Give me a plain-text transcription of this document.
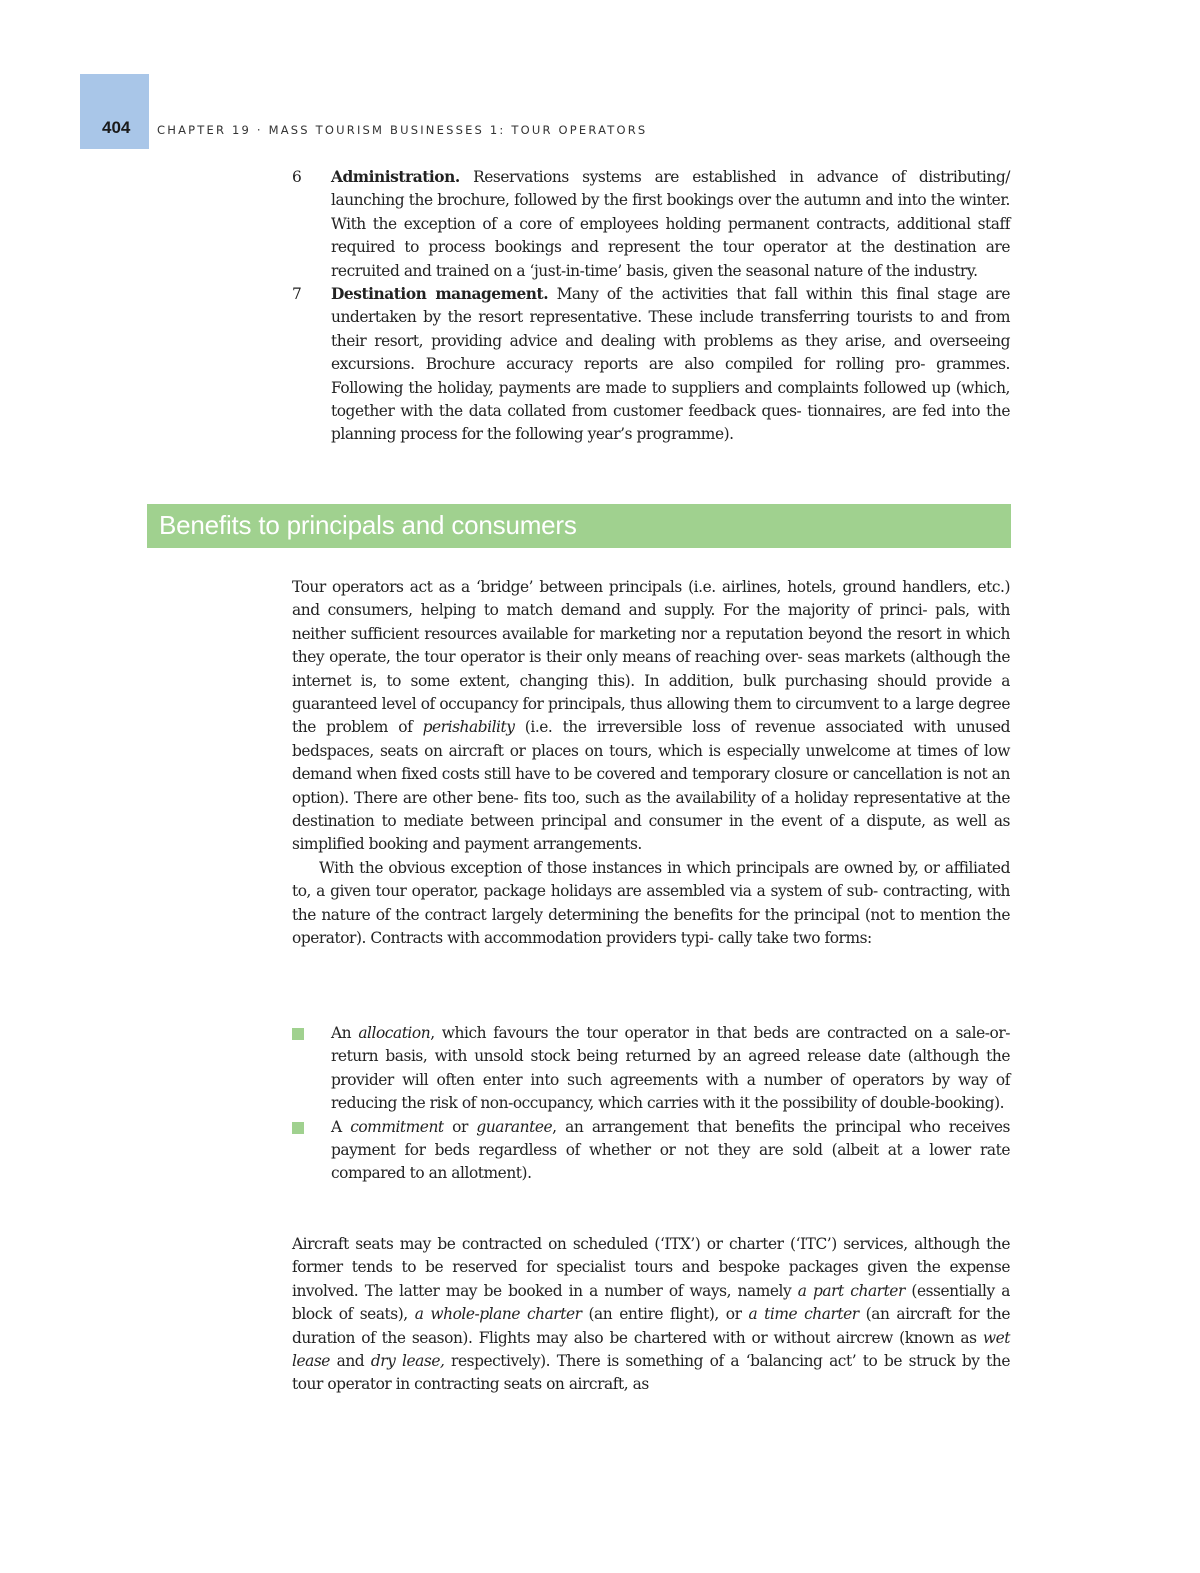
404 CHAPTER 19 · MASS TOURISM BUSINESSES 1: TOUR OPERATORS
6 Administration. Reservations systems are established in advance of distributing/ launching the brochure, followed by the first bookings over the autumn and into the winter. With the exception of a core of employees holding permanent contracts, additional staff required to process bookings and represent the tour operator at the destination are recruited and trained on a ‘just-in-time’ basis, given the seasonal nature of the industry.
7 Destination management. Many of the activities that fall within this final stage are undertaken by the resort representative. These include transferring tourists to and from their resort, providing advice and dealing with problems as they arise, and overseeing excursions. Brochure accuracy reports are also compiled for rolling pro- grammes. Following the holiday, payments are made to suppliers and complaints followed up (which, together with the data collated from customer feedback ques- tionnaires, are fed into the planning process for the following year’s programme).
Benefits to principals and consumers

Tour operators act as a ‘bridge’ between principals (i.e. airlines, hotels, ground handlers, etc.) and consumers, helping to match demand and supply. For the majority of princi- pals, with neither sufficient resources available for marketing nor a reputation beyond the resort in which they operate, the tour operator is their only means of reaching over- seas markets (although the internet is, to some extent, changing this). In addition, bulk purchasing should provide a guaranteed level of occupancy for principals, thus allowing them to circumvent to a large degree the problem of perishability (i.e. the irreversible loss of revenue associated with unused bedspaces, seats on aircraft or places on tours, which is especially unwelcome at times of low demand when fixed costs still have to be covered and temporary closure or cancellation is not an option). There are other bene- fits too, such as the availability of a holiday representative at the destination to mediate between principal and consumer in the event of a dispute, as well as simplified booking and payment arrangements.

With the obvious exception of those instances in which principals are owned by, or affiliated to, a given tour operator, package holidays are assembled via a system of sub- contracting, with the nature of the contract largely determining the benefits for the principal (not to mention the operator). Contracts with accommodation providers typi- cally take two forms:

An allocation, which favours the tour operator in that beds are contracted on a sale-or-return basis, with unsold stock being returned by an agreed release date (although the provider will often enter into such agreements with a number of operators by way of reducing the risk of non-occupancy, which carries with it the possibility of double-booking).
A commitment or guarantee, an arrangement that benefits the principal who receives payment for beds regardless of whether or not they are sold (albeit at a lower rate compared to an allotment).

Aircraft seats may be contracted on scheduled (‘ITX’) or charter (‘ITC’) services, although the former tends to be reserved for specialist tours and bespoke packages given the expense involved. The latter may be booked in a number of ways, namely a part charter (essentially a block of seats), a whole-plane charter (an entire flight), or a time charter (an aircraft for the duration of the season). Flights may also be chartered with or without aircrew (known as wet lease and dry lease, respectively). There is something of a ‘balancing act’ to be struck by the tour operator in contracting seats on aircraft, as
